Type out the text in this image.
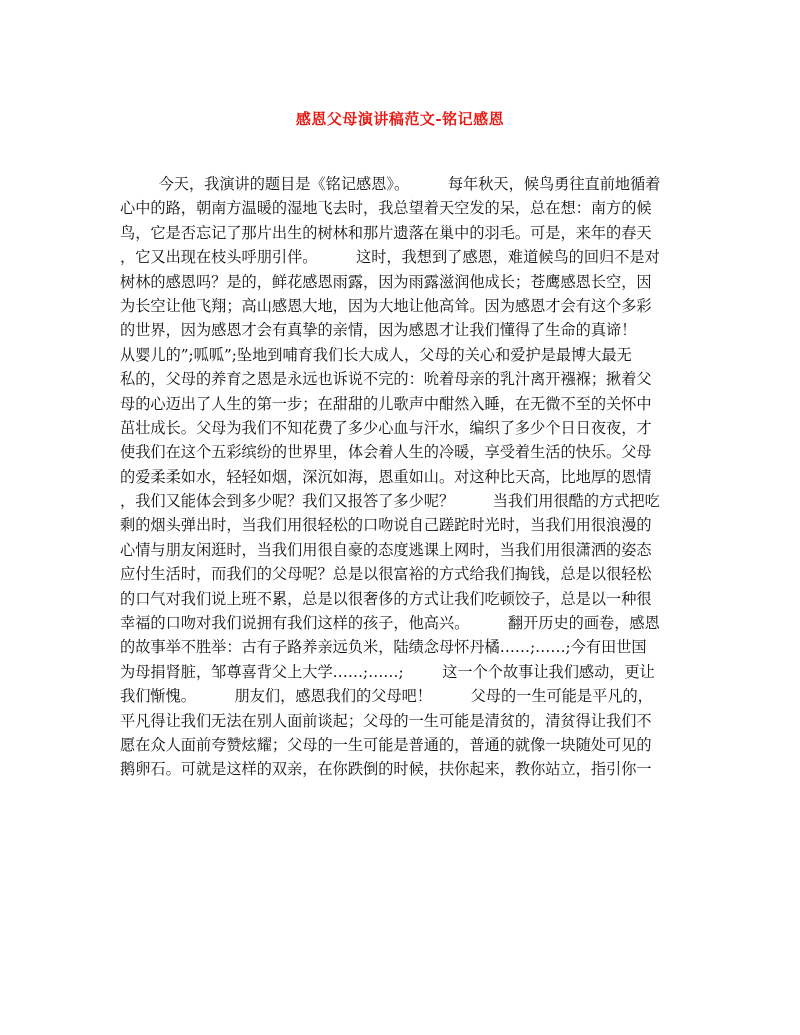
感恩父母演讲稿范文-铭记感恩
今天，我演讲的题目是《铭记感恩》。        每年秋天，候鸟勇往直前地循着
心中的路，朝南方温暖的湿地飞去时，我总望着天空发的呆，总在想：南方的候
鸟，它是否忘记了那片出生的树林和那片遗落在巢中的羽毛。可是，来年的春天
，它又出现在枝头呼朋引伴。        这时，我想到了感恩，难道候鸟的回归不是对
树林的感恩吗？是的，鲜花感恩雨露，因为雨露滋润他成长；苍鹰感恩长空，因
为长空让他飞翔；高山感恩大地，因为大地让他高耸。因为感恩才会有这个多彩
的世界，因为感恩才会有真挚的亲情，因为感恩才让我们懂得了生命的真谛！
从婴儿的”;呱呱”;坠地到哺育我们长大成人，父母的关心和爱护是最博大最无
私的，父母的养育之恩是永远也诉说不完的：吮着母亲的乳汁离开襁褓；揪着父
母的心迈出了人生的第一步；在甜甜的儿歌声中酣然入睡，在无微不至的关怀中
茁壮成长。父母为我们不知花费了多少心血与汗水，编织了多少个日日夜夜，才
使我们在这个五彩缤纷的世界里，体会着人生的冷暖，享受着生活的快乐。父母
的爱柔柔如水，轻轻如烟，深沉如海，恩重如山。对这种比天高，比地厚的恩情
，我们又能体会到多少呢？我们又报答了多少呢？        当我们用很酷的方式把吃
剩的烟头弹出时，当我们用很轻松的口吻说自己蹉跎时光时，当我们用很浪漫的
心情与朋友闲逛时，当我们用很自豪的态度逃课上网时，当我们用很潇洒的姿态
应付生活时，而我们的父母呢？总是以很富裕的方式给我们掏钱，总是以很轻松
的口气对我们说上班不累，总是以很奢侈的方式让我们吃顿饺子，总是以一种很
幸福的口吻对我们说拥有我们这样的孩子，他高兴。        翻开历史的画卷，感恩
的故事举不胜举：古有子路养亲远负米，陆绩念母怀丹橘……;……;今有田世国
为母捐肾脏，邹尊喜背父上大学……;……;        这一个个故事让我们感动，更让
我们惭愧。        朋友们，感恩我们的父母吧！        父母的一生可能是平凡的，
平凡得让我们无法在别人面前谈起；父母的一生可能是清贫的，清贫得让我们不
愿在众人面前夸赞炫耀；父母的一生可能是普通的，普通的就像一块随处可见的
鹅卵石。可就是这样的双亲，在你跌倒的时候，扶你起来，教你站立，指引你一
